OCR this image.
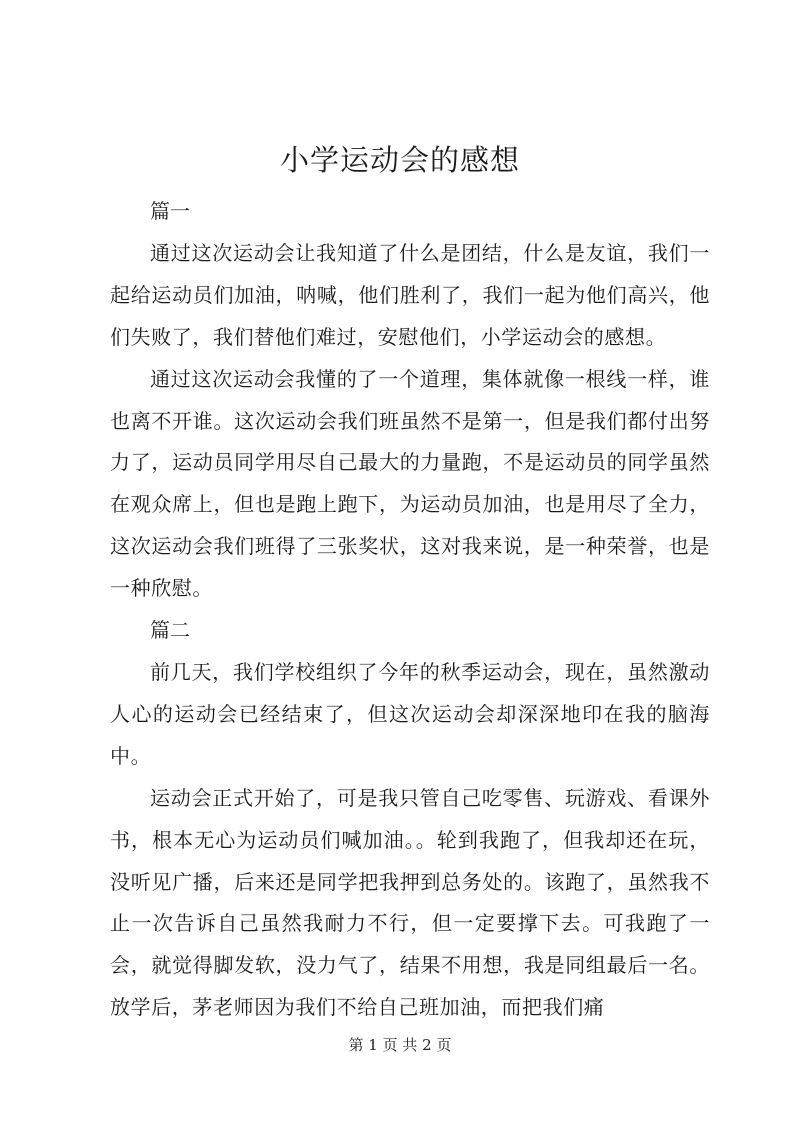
小学运动会的感想

篇一

通过这次运动会让我知道了什么是团结，什么是友谊，我们一起给运动员们加油，呐喊，他们胜利了，我们一起为他们高兴，他们失败了，我们替他们难过，安慰他们，小学运动会的感想。

通过这次运动会我懂的了一个道理，集体就像一根线一样，谁也离不开谁。这次运动会我们班虽然不是第一，但是我们都付出努力了，运动员同学用尽自己最大的力量跑，不是运动员的同学虽然在观众席上，但也是跑上跑下，为运动员加油，也是用尽了全力，这次运动会我们班得了三张奖状，这对我来说，是一种荣誉，也是一种欣慰。

篇二

前几天，我们学校组织了今年的秋季运动会，现在，虽然激动人心的运动会已经结束了，但这次运动会却深深地印在我的脑海中。

运动会正式开始了，可是我只管自己吃零售、玩游戏、看课外书，根本无心为运动员们喊加油。。轮到我跑了，但我却还在玩，没听见广播，后来还是同学把我押到总务处的。该跑了，虽然我不止一次告诉自己虽然我耐力不行，但一定要撑下去。可我跑了一会，就觉得脚发软，没力气了，结果不用想，我是同组最后一名。放学后，茅老师因为我们不给自己班加油，而把我们痛

第 1 页 共 2 页
